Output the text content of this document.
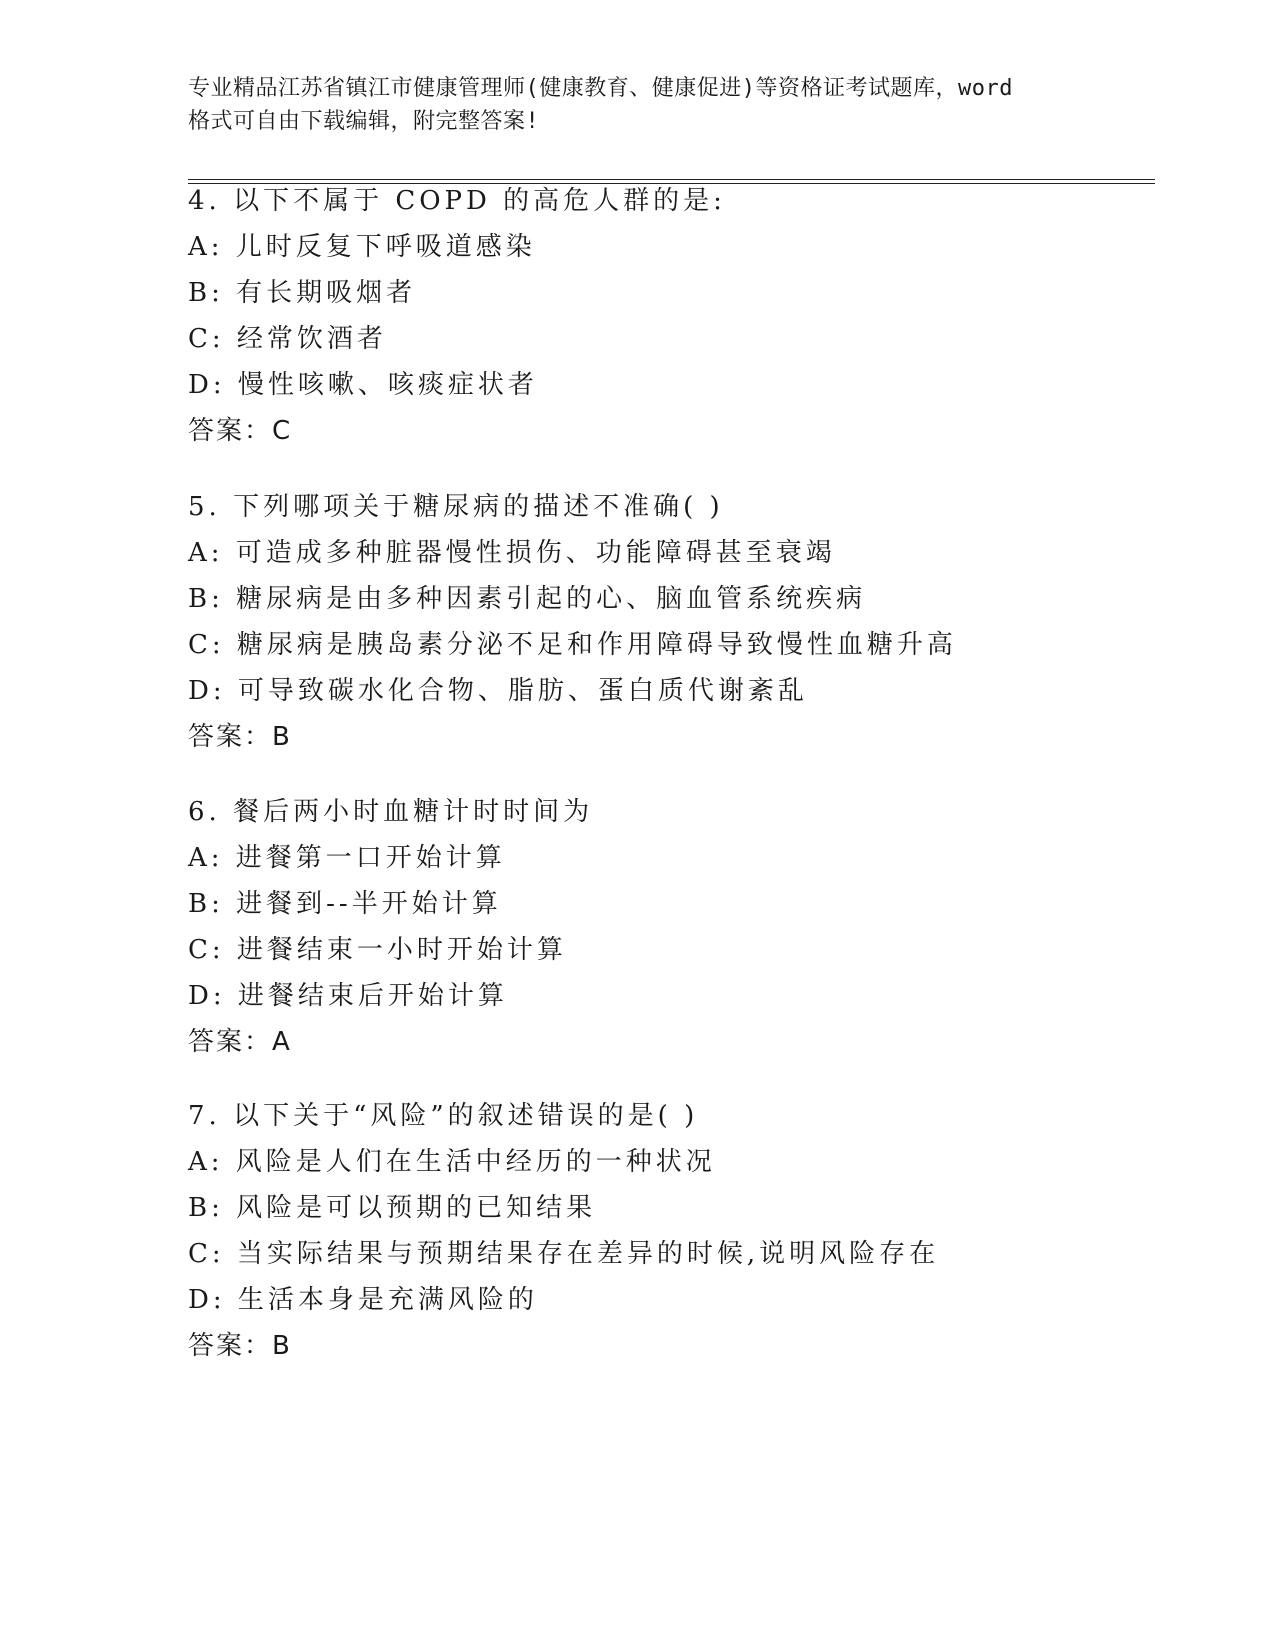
专业精品江苏省镇江市健康管理师(健康教育、健康促进)等资格证考试题库，word
格式可自由下载编辑，附完整答案!
4. 以下不属于 COPD 的高危人群的是:
A: 儿时反复下呼吸道感染
B: 有长期吸烟者
C: 经常饮酒者
D: 慢性咳嗽、咳痰症状者
答案：C
5. 下列哪项关于糖尿病的描述不准确( )
A: 可造成多种脏器慢性损伤、功能障碍甚至衰竭
B: 糖尿病是由多种因素引起的心、脑血管系统疾病
C: 糖尿病是胰岛素分泌不足和作用障碍导致慢性血糖升高
D: 可导致碳水化合物、脂肪、蛋白质代谢紊乱
答案：B
6. 餐后两小时血糖计时时间为
A: 进餐第一口开始计算
B: 进餐到--半开始计算
C: 进餐结束一小时开始计算
D: 进餐结束后开始计算
答案：A
7. 以下关于“风险”的叙述错误的是( )
A: 风险是人们在生活中经历的一种状况
B: 风险是可以预期的已知结果
C: 当实际结果与预期结果存在差异的时候,说明风险存在
D: 生活本身是充满风险的
答案：B
